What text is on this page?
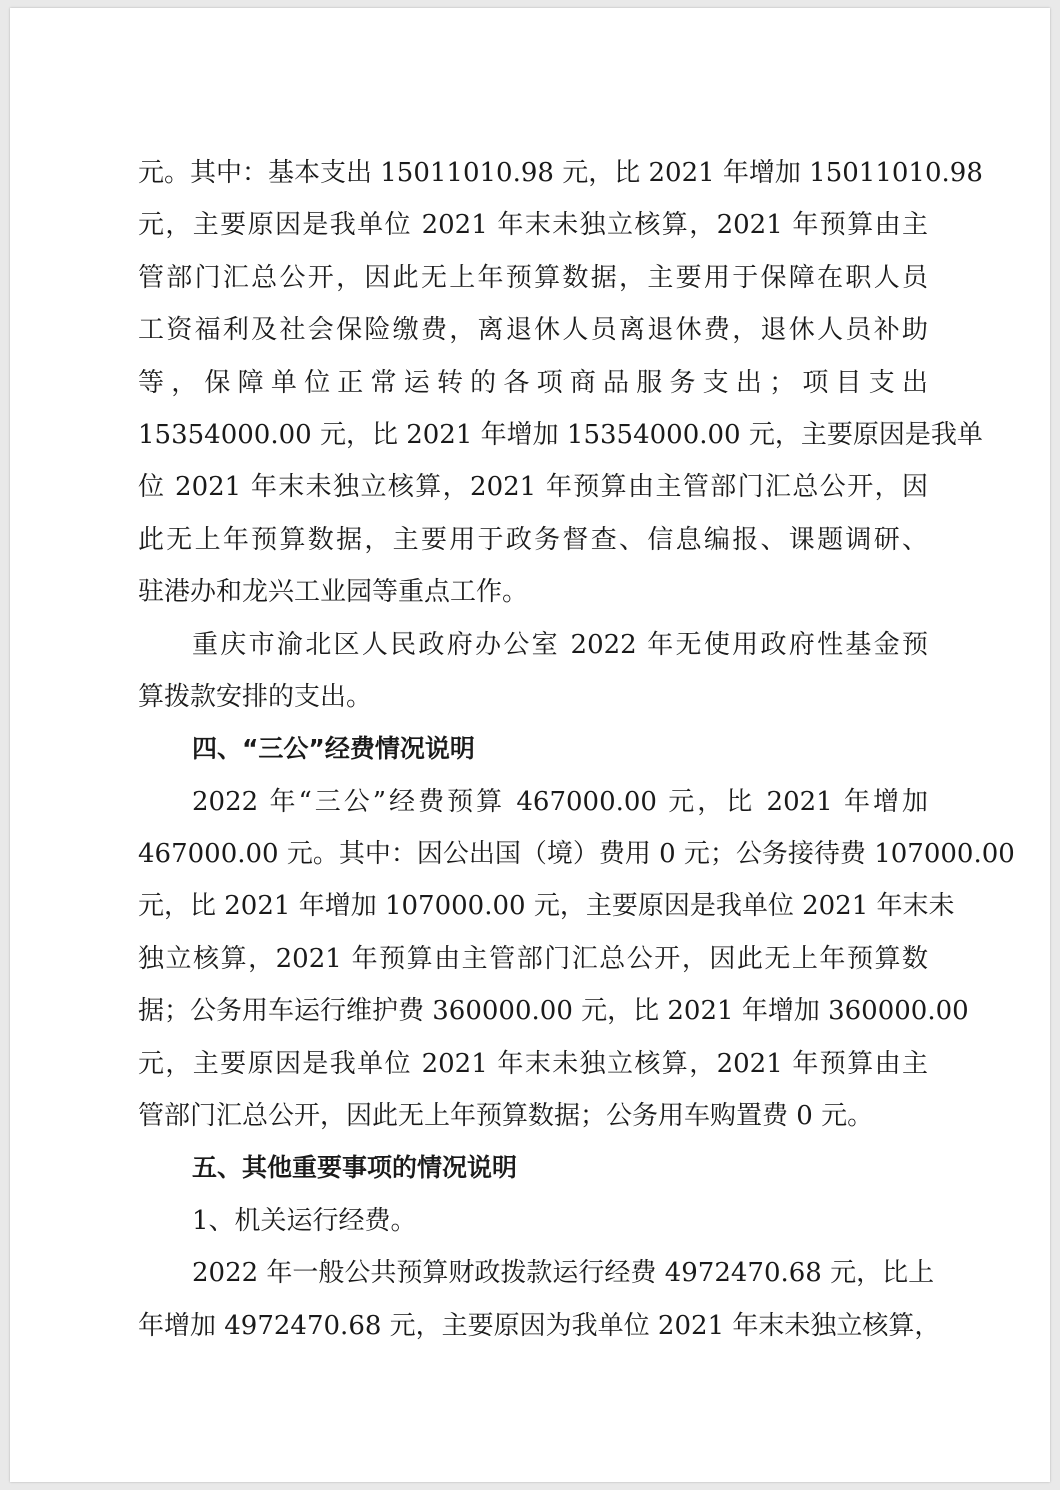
元。其中：基本支出 15011010.98 元，比 2021 年增加 15011010.98
元，主要原因是我单位 2021 年末未独立核算，2021 年预算由主
管部门汇总公开，因此无上年预算数据，主要用于保障在职人员
工资福利及社会保险缴费，离退休人员离退休费，退休人员补助
等，保障单位正常运转的各项商品服务支出；项目支出
15354000.00 元，比 2021 年增加 15354000.00 元，主要原因是我单
位 2021 年末未独立核算，2021 年预算由主管部门汇总公开，因
此无上年预算数据，主要用于政务督查、信息编报、课题调研、
驻港办和龙兴工业园等重点工作。
重庆市渝北区人民政府办公室 2022 年无使用政府性基金预
算拨款安排的支出。
四、“三公”经费情况说明
2022 年“三公”经费预算 467000.00 元，比 2021 年增加
467000.00 元。其中：因公出国（境）费用 0 元；公务接待费 107000.00
元，比 2021 年增加 107000.00 元，主要原因是我单位 2021 年末未
独立核算，2021 年预算由主管部门汇总公开，因此无上年预算数
据；公务用车运行维护费 360000.00 元，比 2021 年增加 360000.00
元，主要原因是我单位 2021 年末未独立核算，2021 年预算由主
管部门汇总公开，因此无上年预算数据；公务用车购置费 0 元。
五、其他重要事项的情况说明
1、机关运行经费。
2022 年一般公共预算财政拨款运行经费 4972470.68 元，比上
年增加 4972470.68 元，主要原因为我单位 2021 年末未独立核算，
